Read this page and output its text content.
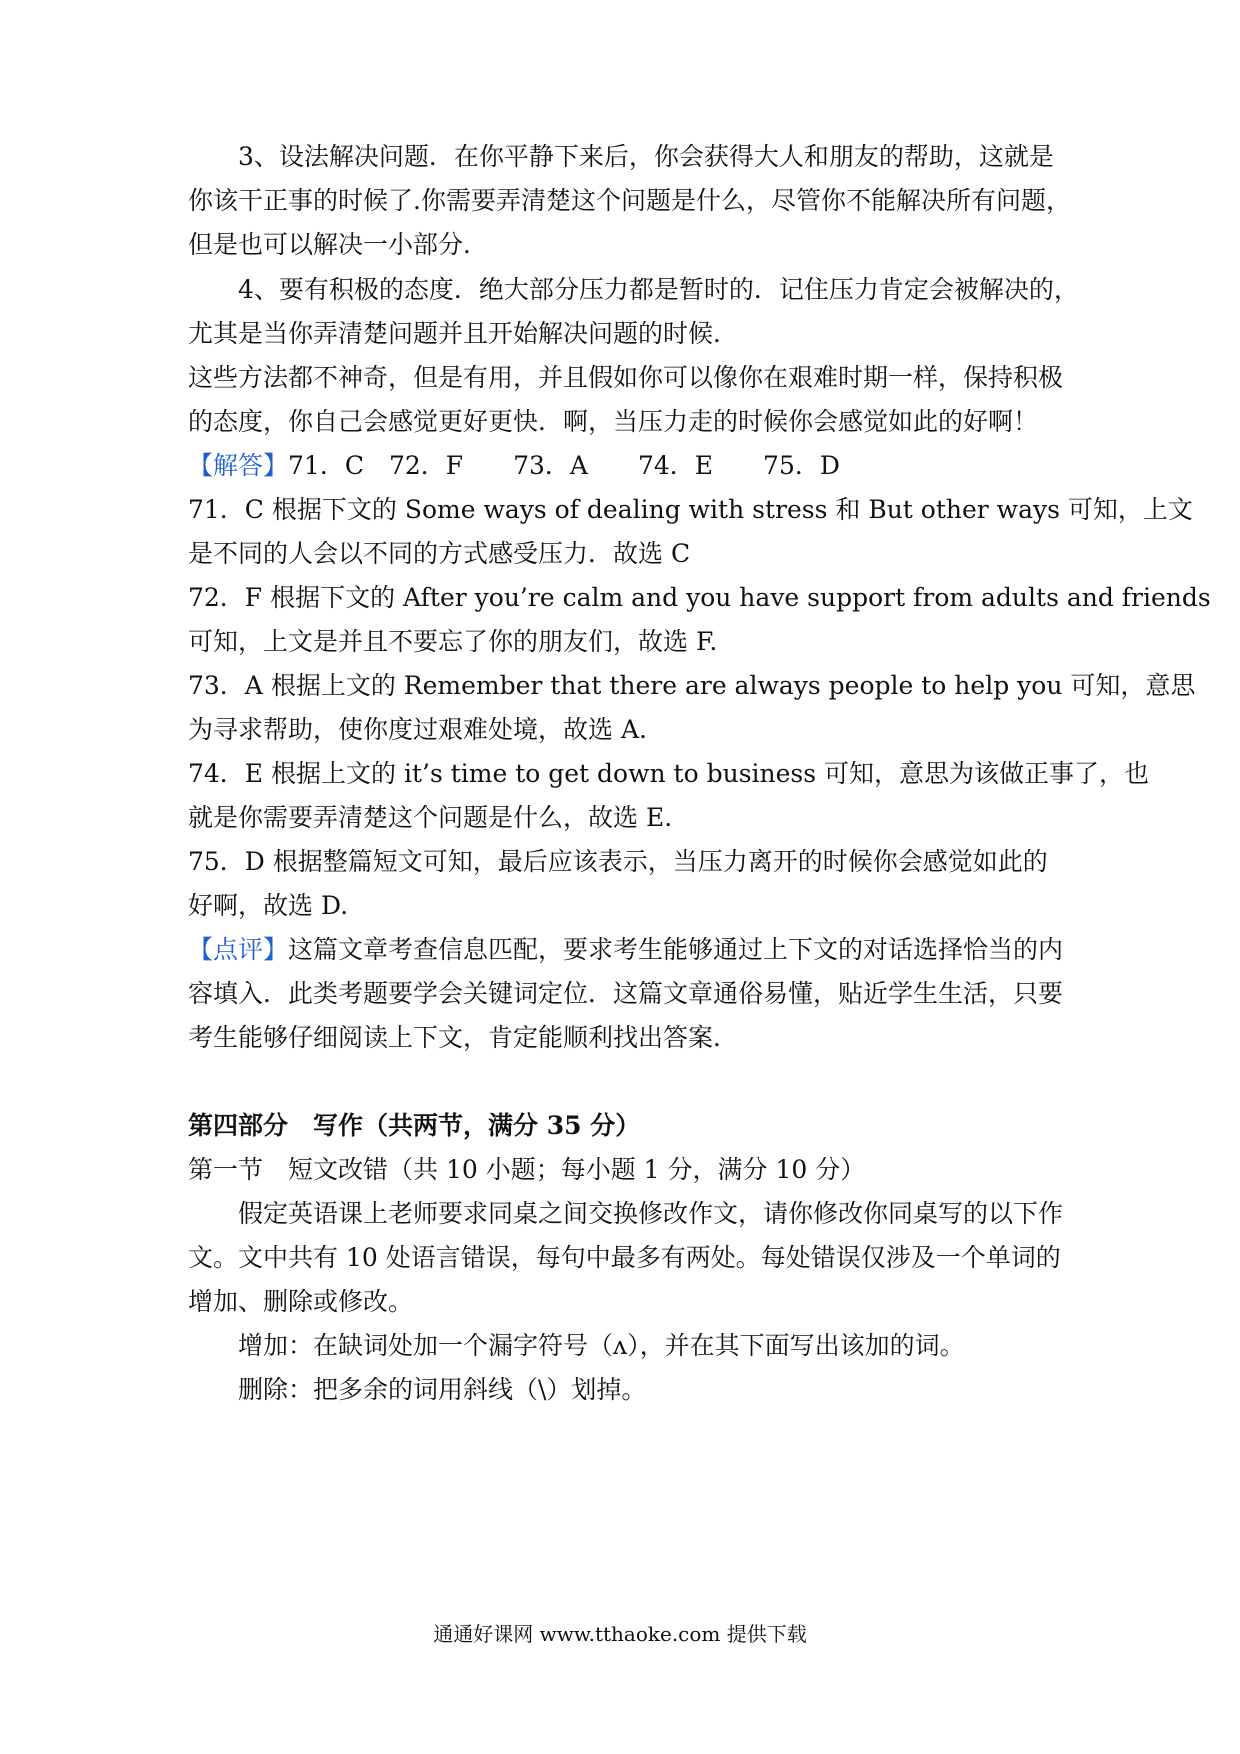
3、设法解决问题．在你平静下来后，你会获得大人和朋友的帮助，这就是
你该干正事的时候了.你需要弄清楚这个问题是什么，尽管你不能解决所有问题，
但是也可以解决一小部分．
4、要有积极的态度．绝大部分压力都是暂时的．记住压力肯定会被解决的，
尤其是当你弄清楚问题并且开始解决问题的时候．
这些方法都不神奇，但是有用，并且假如你可以像你在艰难时期一样，保持积极
的态度，你自己会感觉更好更快．啊，当压力走的时候你会感觉如此的好啊！
【解答】71．C　72．F　　73．A　　74．E　　75．D
71．C 根据下文的 Some ways of dealing with stress 和 But other ways 可知，上文
是不同的人会以不同的方式感受压力．故选 C
72．F 根据下文的 After you’re calm and you have support from adults and friends
可知，上文是并且不要忘了你的朋友们，故选 F.
73．A 根据上文的 Remember that there are always people to help you 可知，意思
为寻求帮助，使你度过艰难处境，故选 A.
74．E 根据上文的 it’s time to get down to business 可知，意思为该做正事了，也
就是你需要弄清楚这个问题是什么，故选 E.
75．D 根据整篇短文可知，最后应该表示，当压力离开的时候你会感觉如此的
好啊，故选 D.
【点评】这篇文章考查信息匹配，要求考生能够通过上下文的对话选择恰当的内
容填入．此类考题要学会关键词定位．这篇文章通俗易懂，贴近学生生活，只要
考生能够仔细阅读上下文，肯定能顺利找出答案．
第四部分　写作（共两节，满分 35 分）
第一节　短文改错（共 10 小题；每小题 1 分，满分 10 分）
假定英语课上老师要求同桌之间交换修改作文，请你修改你同桌写的以下作
文。文中共有 10 处语言错误，每句中最多有两处。每处错误仅涉及一个单词的
增加、删除或修改。
增加：在缺词处加一个漏字符号（ʌ），并在其下面写出该加的词。
删除：把多余的词用斜线（\）划掉。
通通好课网 www.tthaoke.com 提供下载
